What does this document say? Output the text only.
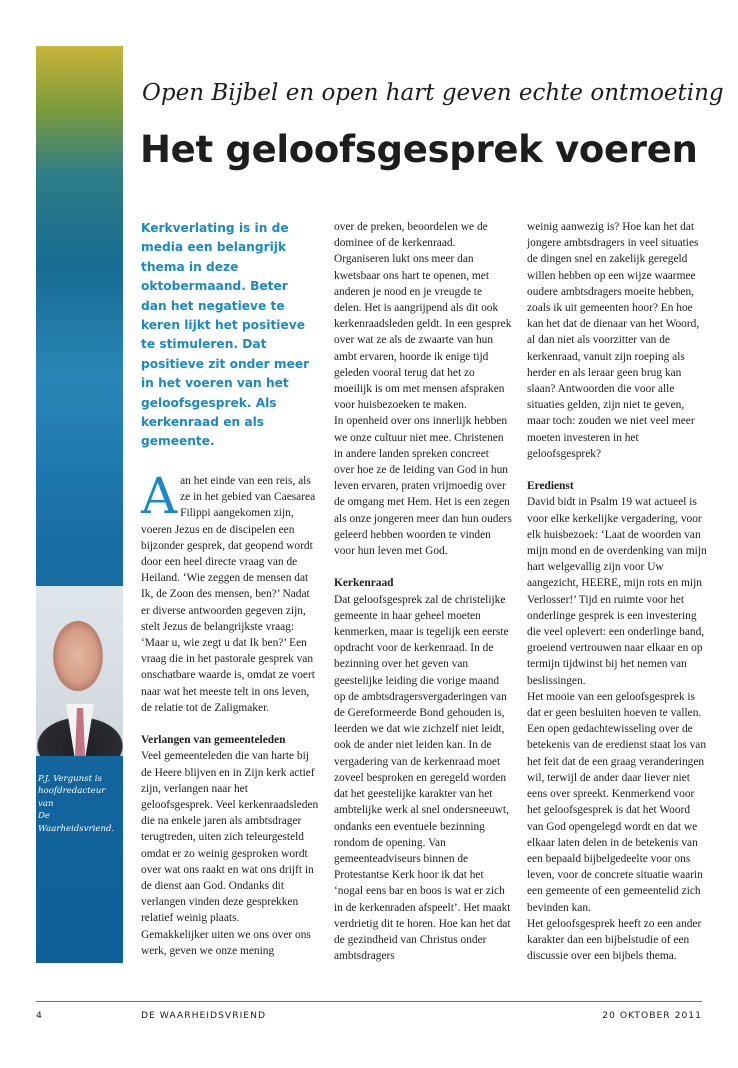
P.J. Vergunst is
hoofdredacteur van
De Waarheidsvriend.
Open Bijbel en open hart geven echte ontmoeting
Het geloofsgesprek voeren
Kerkverlating is in de media een belangrijk thema in deze oktobermaand. Beter dan het negatieve te keren lijkt het positieve te stimuleren. Dat positieve zit onder meer in het voeren van het geloofsgesprek. Als kerkenraad en als gemeente.

Aan het einde van een reis, als ze in het gebied van Caesarea Filippi aangekomen zijn, voeren Jezus en de discipelen een bijzonder gesprek, dat geopend wordt door een heel directe vraag van de Heiland. ‘Wie zeggen de mensen dat Ik, de Zoon des mensen, ben?’ Nadat er diverse antwoorden gegeven zijn, stelt Jezus de belangrijkste vraag: ‘Maar u, wie zegt u dat Ik ben?’ Een vraag die in het pastorale gesprek van onschatbare waarde is, omdat ze voert naar wat het meeste telt in ons leven, de relatie tot de Zaligmaker.

Verlangen van gemeenteleden

Veel gemeenteleden die van harte bij de Heere blijven en in Zijn kerk actief zijn, verlangen naar het geloofsgesprek. Veel kerkenraadsleden die na enkele jaren als ambtsdrager terugtreden, uiten zich teleurgesteld omdat er zo weinig gesproken wordt over wat ons raakt en wat ons drijft in de dienst aan God. Ondanks dit verlangen vinden deze gesprekken relatief weinig plaats.

Gemakkelijker uiten we ons over ons werk, geven we onze mening

over de preken, beoordelen we de dominee of de kerkenraad. Organiseren lukt ons meer dan kwetsbaar ons hart te openen, met anderen je nood en je vreugde te delen. Het is aangrijpend als dit ook kerkenraadsleden geldt. In een gesprek over wat ze als de zwaarte van hun ambt ervaren, hoorde ik enige tijd geleden vooral terug dat het zo moeilijk is om met mensen afspraken voor huisbezoeken te maken.

In openheid over ons innerlijk hebben we onze cultuur niet mee. Christenen in andere landen spreken concreet over hoe ze de leiding van God in hun leven ervaren, praten vrijmoedig over de omgang met Hem. Het is een zegen als onze jongeren meer dan hun ouders geleerd hebben woorden te vinden voor hun leven met God.

Kerkenraad

Dat geloofsgesprek zal de christelijke gemeente in haar geheel moeten kenmerken, maar is tegelijk een eerste opdracht voor de kerkenraad. In de bezinning over het geven van geestelijke leiding die vorige maand op de ambtsdragersvergaderingen van de Gereformeerde Bond gehouden is, leerden we dat wie zichzelf niet leidt, ook de ander niet leiden kan. In de vergadering van de kerkenraad moet zoveel besproken en geregeld worden dat het geestelijke karakter van het ambtelijke werk al snel ondersneeuwt, ondanks een eventuele bezinning rondom de opening. Van gemeenteadviseurs binnen de Protestantse Kerk hoor ik dat het ‘nogal eens bar en boos is wat er zich in de kerkenraden afspeelt’. Het maakt verdrietig dit te horen. Hoe kan het dat de gezindheid van Christus onder ambtsdragers

weinig aanwezig is? Hoe kan het dat jongere ambtsdragers in veel situaties de dingen snel en zakelijk geregeld willen hebben op een wijze waarmee oudere ambtsdragers moeite hebben, zoals ik uit gemeenten hoor? En hoe kan het dat de dienaar van het Woord, al dan niet als voorzitter van de kerkenraad, vanuit zijn roeping als herder en als leraar geen brug kan slaan? Antwoorden die voor alle situaties gelden, zijn niet te geven, maar toch: zouden we niet veel meer moeten investeren in het geloofsgesprek?

Eredienst

David bidt in Psalm 19 wat actueel is voor elke kerkelijke vergadering, voor elk huisbezoek: ‘Laat de woorden van mijn mond en de overdenking van mijn hart welgevallig zijn voor Uw aangezicht, HEERE, mijn rots en mijn Verlosser!’ Tijd en ruimte voor het onderlinge gesprek is een investering die veel oplevert: een onderlinge band, groeiend vertrouwen naar elkaar en op termijn tijdwinst bij het nemen van beslissingen.

Het mooie van een geloofsgesprek is dat er geen besluiten hoeven te vallen. Een open gedachtewisseling over de betekenis van de eredienst staat los van het feit dat de een graag veranderingen wil, terwijl de ander daar liever niet eens over spreekt. Kenmerkend voor het geloofsgesprek is dat het Woord van God opengelegd wordt en dat we elkaar laten delen in de betekenis van een bepaald bijbelgedeelte voor ons leven, voor de concrete situatie waarin een gemeente of een gemeentelid zich bevinden kan.

Het geloofsgesprek heeft zo een ander karakter dan een bijbelstudie of een discussie over een bijbels thema.

4	DE WAARHEIDSVRIEND	20 OKTOBER 2011
